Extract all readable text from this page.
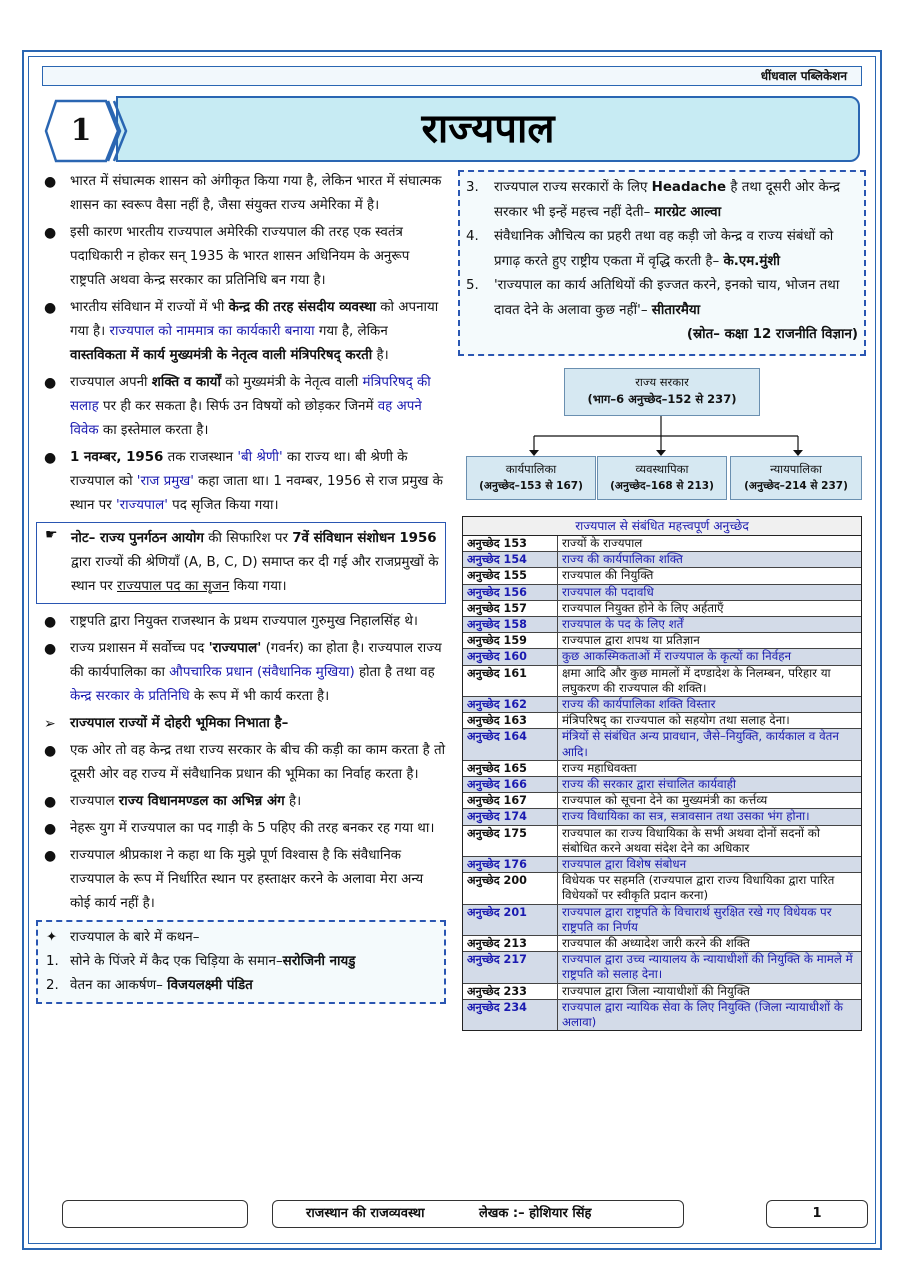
धींधवाल पब्लिकेशन
राज्यपाल
1
● भारत में संघात्मक शासन को अंगीकृत किया गया है, लेकिन भारत में संघात्मक शासन का स्वरूप वैसा नहीं है, जैसा संयुक्त राज्य अमेरिका में है।
● इसी कारण भारतीय राज्यपाल अमेरिकी राज्यपाल की तरह एक स्वतंत्र पदाधिकारी न होकर सन् 1935 के भारत शासन अधिनियम के अनुरूप राष्ट्रपति अथवा केन्द्र सरकार का प्रतिनिधि बन गया है।
● भारतीय संविधान में राज्यों में भी केन्द्र की तरह संसदीय व्यवस्था को अपनाया गया है। राज्यपाल को नाममात्र का कार्यकारी बनाया गया है, लेकिन वास्तविकता में कार्य मुख्यमंत्री के नेतृत्व वाली मंत्रिपरिषद् करती है।
● राज्यपाल अपनी शक्ति व कार्यों को मुख्यमंत्री के नेतृत्व वाली मंत्रिपरिषद् की सलाह पर ही कर सकता है। सिर्फ उन विषयों को छोड़कर जिनमें वह अपने विवेक का इस्तेमाल करता है।
● 1 नवम्बर, 1956 तक राजस्थान 'बी श्रेणी' का राज्य था। बी श्रेणी के राज्यपाल को 'राज प्रमुख' कहा जाता था। 1 नवम्बर, 1956 से राज प्रमुख के स्थान पर 'राज्यपाल' पद सृजित किया गया।
☛ नोट– राज्य पुनर्गठन आयोग की सिफारिश पर 7वें संविधान संशोधन 1956 द्वारा राज्यों की श्रेणियाँ (A, B, C, D) समाप्त कर दी गई और राजप्रमुखों के स्थान पर राज्यपाल पद का सृजन किया गया।
● राष्ट्रपति द्वारा नियुक्त राजस्थान के प्रथम राज्यपाल गुरुमुख निहालसिंह थे।
● राज्य प्रशासन में सर्वोच्च पद 'राज्यपाल' (गवर्नर) का होता है। राज्यपाल राज्य की कार्यपालिका का औपचारिक प्रधान (संवैधानिक मुखिया) होता है तथा वह केन्द्र सरकार के प्रतिनिधि के रूप में भी कार्य करता है।
➢ राज्यपाल राज्यों में दोहरी भूमिका निभाता है–
● एक ओर तो वह केन्द्र तथा राज्य सरकार के बीच की कड़ी का काम करता है तो दूसरी ओर वह राज्य में संवैधानिक प्रधान की भूमिका का निर्वाह करता है।
● राज्यपाल राज्य विधानमण्डल का अभिन्न अंग है।
● नेहरू युग में राज्यपाल का पद गाड़ी के 5 पहिए की तरह बनकर रह गया था।
● राज्यपाल श्रीप्रकाश ने कहा था कि मुझे पूर्ण विश्वास है कि संवैधानिक राज्यपाल के रूप में निर्धारित स्थान पर हस्ताक्षर करने के अलावा मेरा अन्य कोई कार्य नहीं है।
✦ राज्यपाल के बारे में कथन–
1. सोने के पिंजरे में कैद एक चिड़िया के समान–सरोजिनी नायडु
2. वेतन का आकर्षण– विजयलक्ष्मी पंडित
3. राज्यपाल राज्य सरकारों के लिए Headache है तथा दूसरी ओर केन्द्र सरकार भी इन्हें महत्त्व नहीं देती– मारग्रेट आल्वा
4. संवैधानिक औचित्य का प्रहरी तथा वह कड़ी जो केन्द्र व राज्य संबंधों को प्रगाढ़ करते हुए राष्ट्रीय एकता में वृद्धि करती है– के.एम.मुंशी
5. 'राज्यपाल का कार्य अतिथियों की इज्जत करने, इनको चाय, भोजन तथा दावत देने के अलावा कुछ नहीं'– सीतारमैया
(स्रोत– कक्षा 12 राजनीति विज्ञान)
राज्य सरकार
(भाग–6 अनुच्छेद–152 से 237)
कार्यपालिका
(अनुच्छेद–153 से 167)
व्यवस्थापिका
(अनुच्छेद–168 से 213)
न्यायपालिका
(अनुच्छेद–214 से 237)
राज्यपाल से संबंधित महत्त्वपूर्ण अनुच्छेद
अनुच्छेद 153	राज्यों के राज्यपाल
अनुच्छेद 154	राज्य की कार्यपालिका शक्ति
अनुच्छेद 155	राज्यपाल की नियुक्ति
अनुच्छेद 156	राज्यपाल की पदावधि
अनुच्छेद 157	राज्यपाल नियुक्त होने के लिए अर्हताएँ
अनुच्छेद 158	राज्यपाल के पद के लिए शर्तें
अनुच्छेद 159	राज्यपाल द्वारा शपथ या प्रतिज्ञान
अनुच्छेद 160	कुछ आकस्मिकताओं में राज्यपाल के कृत्यों का निर्वहन
अनुच्छेद 161	क्षमा आदि और कुछ मामलों में दण्डादेश के निलम्बन, परिहार या लघुकरण की राज्यपाल की शक्ति।
अनुच्छेद 162	राज्य की कार्यपालिका शक्ति विस्तार
अनुच्छेद 163	मंत्रिपरिषद् का राज्यपाल को सहयोग तथा सलाह देना।
अनुच्छेद 164	मंत्रियों से संबंधित अन्य प्रावधान, जैसे–नियुक्ति, कार्यकाल व वेतन आदि।
अनुच्छेद 165	राज्य महाधिवक्ता
अनुच्छेद 166	राज्य की सरकार द्वारा संचालित कार्यवाही
अनुच्छेद 167	राज्यपाल को सूचना देने का मुख्यमंत्री का कर्त्तव्य
अनुच्छेद 174	राज्य विधायिका का सत्र, सत्रावसान तथा उसका भंग होना।
अनुच्छेद 175	राज्यपाल का राज्य विधायिका के सभी अथवा दोनों सदनों को संबोधित करने अथवा संदेश देने का अधिकार
अनुच्छेद 176	राज्यपाल द्वारा विशेष संबोधन
अनुच्छेद 200	विधेयक पर सहमति (राज्यपाल द्वारा राज्य विधायिका द्वारा पारित विधेयकों पर स्वीकृति प्रदान करना)
अनुच्छेद 201	राज्यपाल द्वारा राष्ट्रपति के विचारार्थ सुरक्षित रखे गए विधेयक पर राष्ट्रपति का निर्णय
अनुच्छेद 213	राज्यपाल की अध्यादेश जारी करने की शक्ति
अनुच्छेद 217	राज्यपाल द्वारा उच्च न्यायालय के न्यायाधीशों की नियुक्ति के मामले में राष्ट्रपति को सलाह देना।
अनुच्छेद 233	राज्यपाल द्वारा जिला न्यायाधीशों की नियुक्ति
अनुच्छेद 234	राज्यपाल द्वारा न्यायिक सेवा के लिए नियुक्ति (जिला न्यायाधीशों के अलावा)
राजस्थान की राजव्यवस्था	लेखक :– होशियार सिंह	1
